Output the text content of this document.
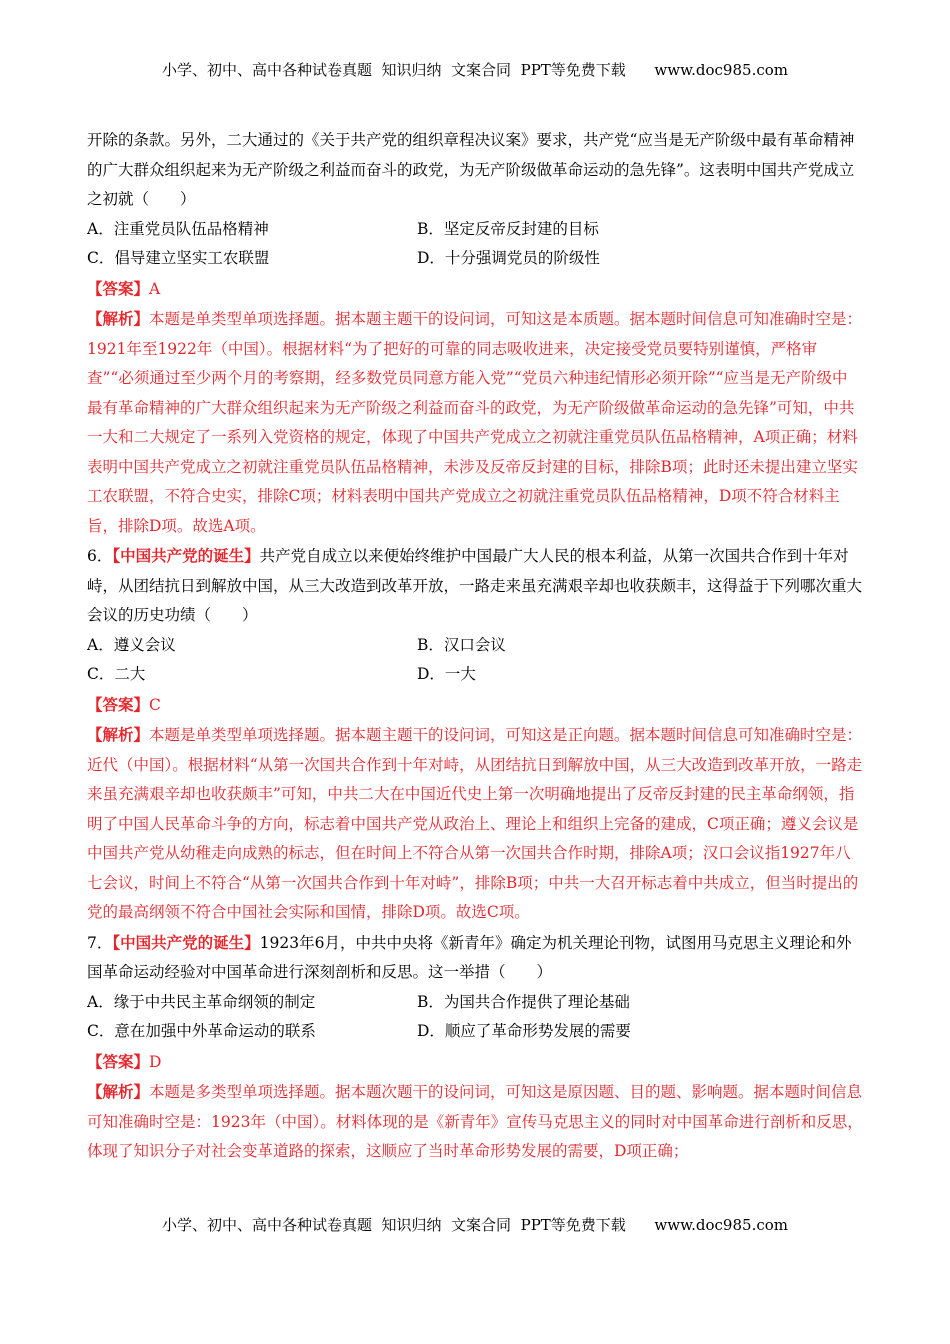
小学、初中、高中各种试卷真题  知识归纳  文案合同  PPT等免费下载      www.doc985.com

开除的条款。另外，二大通过的《关于共产党的组织章程决议案》要求，共产党“应当是无产阶级中最有革命精神的广大群众组织起来为无产阶级之利益而奋斗的政党，为无产阶级做革命运动的急先锋”。这表明中国共产党成立之初就（　　）

A．注重党员队伍品格精神	B．坚定反帝反封建的目标
C．倡导建立坚实工农联盟	D．十分强调党员的阶级性

【答案】A

【解析】本题是单类型单项选择题。据本题主题干的设问词，可知这是本质题。据本题时间信息可知准确时空是：1921年至1922年（中国）。根据材料“为了把好的可靠的同志吸收进来，决定接受党员要特别谨慎，严格审查”“必须通过至少两个月的考察期，经多数党员同意方能入党”“党员六种违纪情形必须开除”“应当是无产阶级中最有革命精神的广大群众组织起来为无产阶级之利益而奋斗的政党，为无产阶级做革命运动的急先锋”可知，中共一大和二大规定了一系列入党资格的规定，体现了中国共产党成立之初就注重党员队伍品格精神，A项正确；材料表明中国共产党成立之初就注重党员队伍品格精神，未涉及反帝反封建的目标，排除B项；此时还未提出建立坚实工农联盟，不符合史实，排除C项；材料表明中国共产党成立之初就注重党员队伍品格精神，D项不符合材料主旨，排除D项。故选A项。

6．【中国共产党的诞生】共产党自成立以来便始终维护中国最广大人民的根本利益，从第一次国共合作到十年对峙，从团结抗日到解放中国，从三大改造到改革开放，一路走来虽充满艰辛却也收获颇丰，这得益于下列哪次重大会议的历史功绩（　　）

A．遵义会议	B．汉口会议
C．二大	D．一大

【答案】C

【解析】本题是单类型单项选择题。据本题主题干的设问词，可知这是正向题。据本题时间信息可知准确时空是：近代（中国）。根据材料“从第一次国共合作到十年对峙，从团结抗日到解放中国，从三大改造到改革开放，一路走来虽充满艰辛却也收获颇丰”可知，中共二大在中国近代史上第一次明确地提出了反帝反封建的民主革命纲领，指明了中国人民革命斗争的方向，标志着中国共产党从政治上、理论上和组织上完备的建成，C项正确；遵义会议是中国共产党从幼稚走向成熟的标志，但在时间上不符合从第一次国共合作时期，排除A项；汉口会议指1927年八七会议，时间上不符合“从第一次国共合作到十年对峙”，排除B项；中共一大召开标志着中共成立，但当时提出的党的最高纲领不符合中国社会实际和国情，排除D项。故选C项。

7．【中国共产党的诞生】1923年6月，中共中央将《新青年》确定为机关理论刊物，试图用马克思主义理论和外国革命运动经验对中国革命进行深刻剖析和反思。这一举措（　　）

A．缘于中共民主革命纲领的制定	B．为国共合作提供了理论基础
C．意在加强中外革命运动的联系	D．顺应了革命形势发展的需要

【答案】D

【解析】本题是多类型单项选择题。据本题次题干的设问词，可知这是原因题、目的题、影响题。据本题时间信息可知准确时空是：1923年（中国）。材料体现的是《新青年》宣传马克思主义的同时对中国革命进行剖析和反思，体现了知识分子对社会变革道路的探索，这顺应了当时革命形势发展的需要，D项正确；

小学、初中、高中各种试卷真题  知识归纳  文案合同  PPT等免费下载      www.doc985.com
